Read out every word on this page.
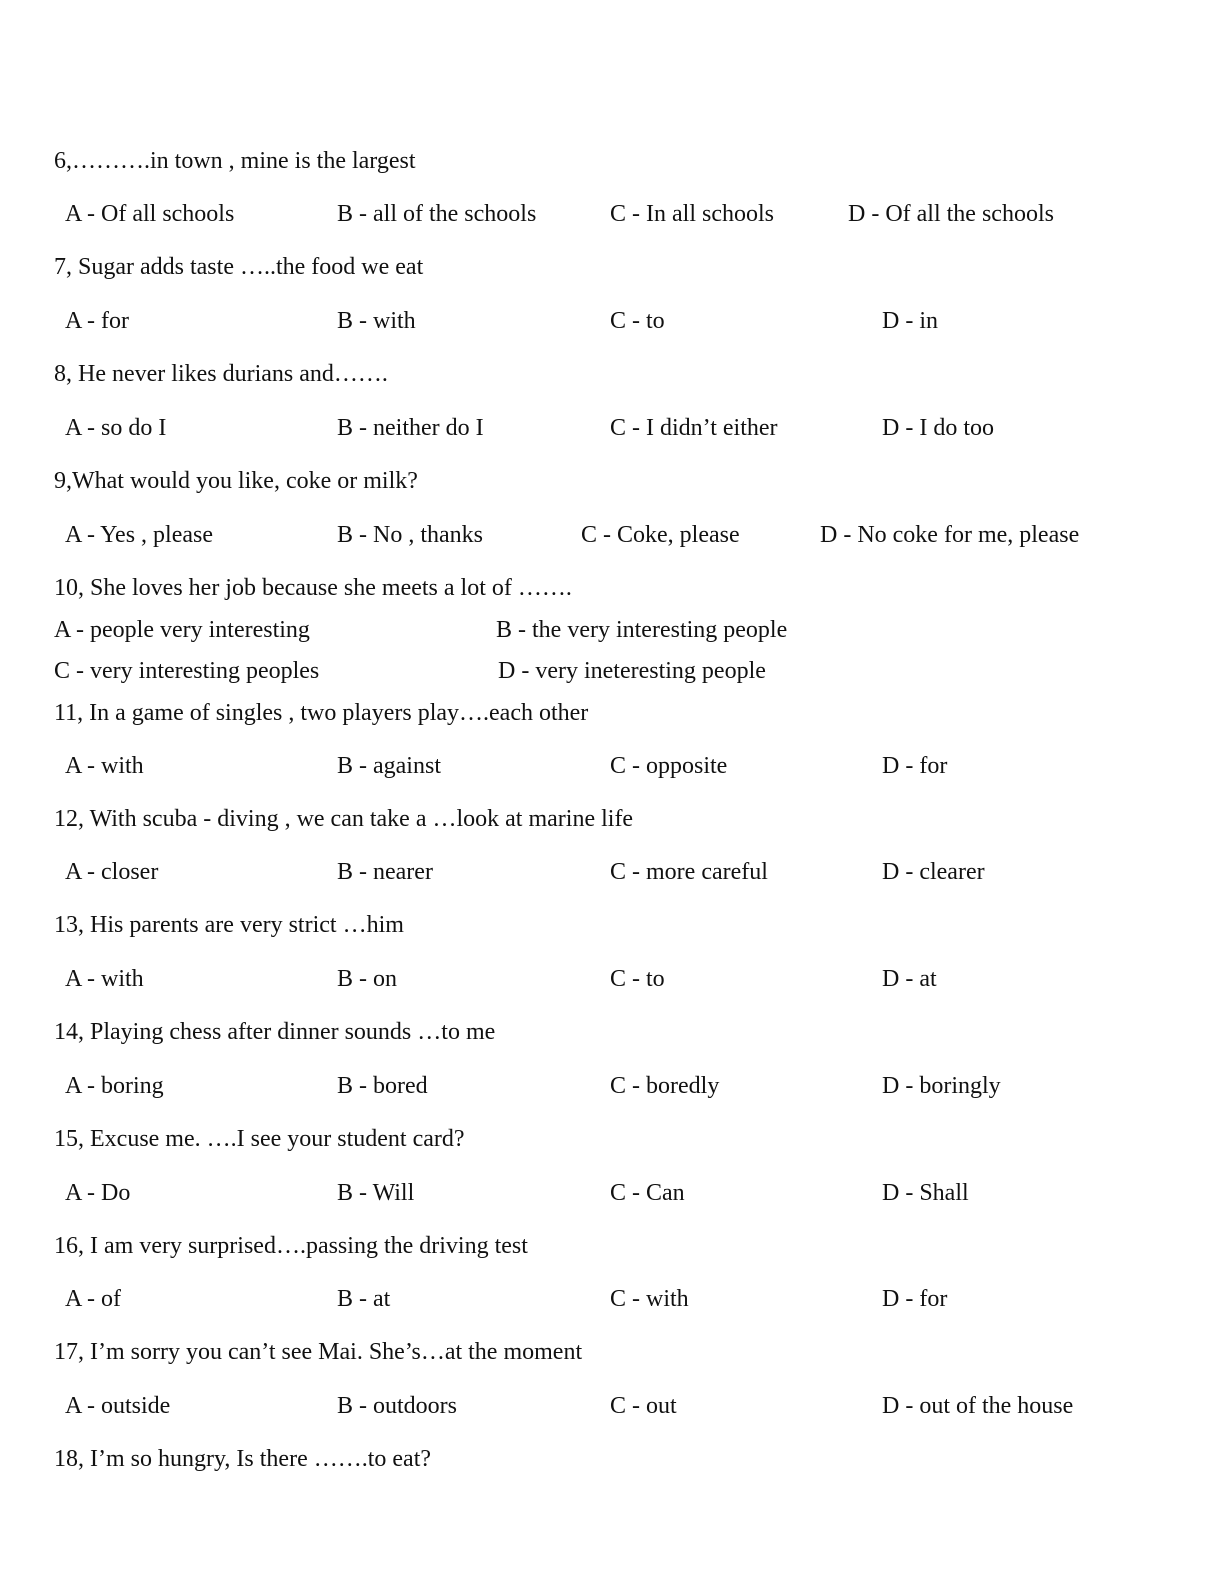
6,……….in town , mine is the largest
A - Of all schools	B - all of the schools	C - In all schools	D - Of all the schools
7, Sugar adds taste …..the food we eat
A - for	B - with	C - to	D - in
8, He never likes durians and…….
A - so do I	B - neither do I	C - I didn’t either	D - I do too
9,What would you like, coke or milk?
A - Yes , please	B - No , thanks	C - Coke, please	D - No coke for me, please
10, She loves her job because she meets a lot of …….
A - people very interesting	B - the very interesting people
C - very interesting peoples	D - very ineteresting people
11, In a game of singles , two players play….each other
A - with	B - against	C - opposite	D - for
12, With scuba - diving , we can take a …look at marine life
A - closer	B - nearer	C - more careful	D - clearer
13, His parents are very strict …him
A - with	B - on	C - to	D - at
14, Playing chess after dinner sounds …to me
A - boring	B - bored	C - boredly	D - boringly
15, Excuse me. ….I see your student card?
A - Do	B - Will	C - Can	D - Shall
16, I am very surprised….passing the driving test
A - of	B - at	C - with	D - for
17, I’m sorry you can’t see Mai. She’s…at the moment
A - outside	B - outdoors	C - out	D - out of the house
18, I’m so hungry, Is there …….to eat?
